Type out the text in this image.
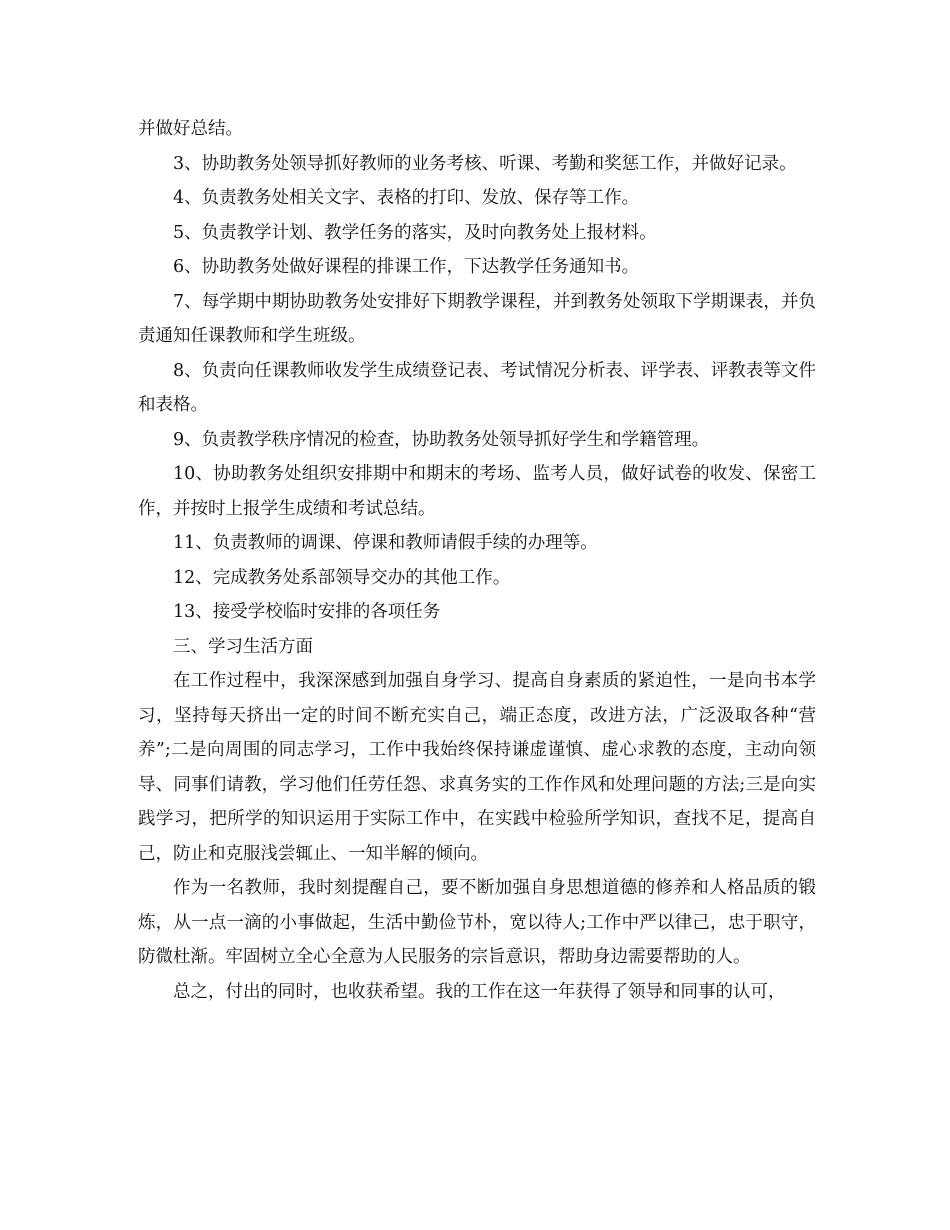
并做好总结。

3、协助教务处领导抓好教师的业务考核、听课、考勤和奖惩工作，并做好记录。

4、负责教务处相关文字、表格的打印、发放、保存等工作。

5、负责教学计划、教学任务的落实，及时向教务处上报材料。

6、协助教务处做好课程的排课工作，下达教学任务通知书。

7、每学期中期协助教务处安排好下期教学课程，并到教务处领取下学期课表，并负责通知任课教师和学生班级。

8、负责向任课教师收发学生成绩登记表、考试情况分析表、评学表、评教表等文件和表格。

9、负责教学秩序情况的检查，协助教务处领导抓好学生和学籍管理。

10、协助教务处组织安排期中和期末的考场、监考人员，做好试卷的收发、保密工作，并按时上报学生成绩和考试总结。

11、负责教师的调课、停课和教师请假手续的办理等。

12、完成教务处系部领导交办的其他工作。

13、接受学校临时安排的各项任务

三、学习生活方面

在工作过程中，我深深感到加强自身学习、提高自身素质的紧迫性，一是向书本学习，坚持每天挤出一定的时间不断充实自己，端正态度，改进方法，广泛汲取各种“营养”;二是向周围的同志学习，工作中我始终保持谦虚谨慎、虚心求教的态度，主动向领导、同事们请教，学习他们任劳任怨、求真务实的工作作风和处理问题的方法;三是向实践学习，把所学的知识运用于实际工作中，在实践中检验所学知识，查找不足，提高自己，防止和克服浅尝辄止、一知半解的倾向。

作为一名教师，我时刻提醒自己，要不断加强自身思想道德的修养和人格品质的锻炼，从一点一滴的小事做起，生活中勤俭节朴，宽以待人;工作中严以律己，忠于职守，防微杜渐。牢固树立全心全意为人民服务的宗旨意识，帮助身边需要帮助的人。

总之，付出的同时，也收获希望。我的工作在这一年获得了领导和同事的认可，
